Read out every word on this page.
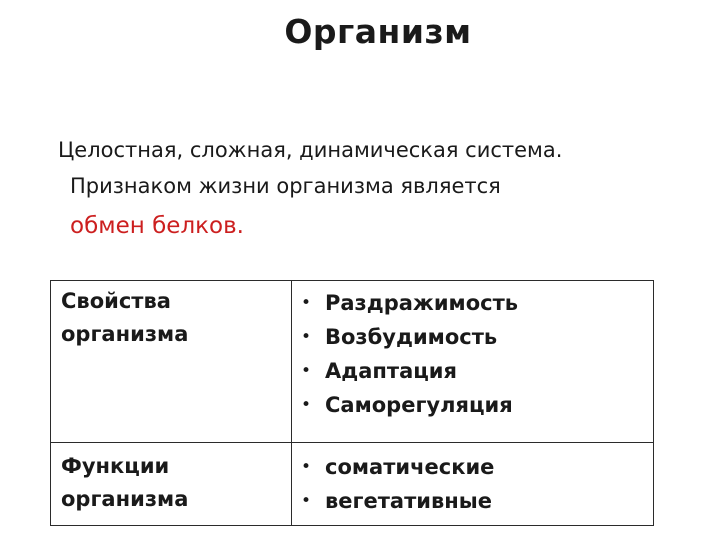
Организм
Целостная, сложная, динамическая система.
Признаком жизни организма является
обмен белков.
Свойства
организма
• Раздражимость
• Возбудимость
• Адаптация
• Саморегуляция
Функции
организма
• соматические
• вегетативные
